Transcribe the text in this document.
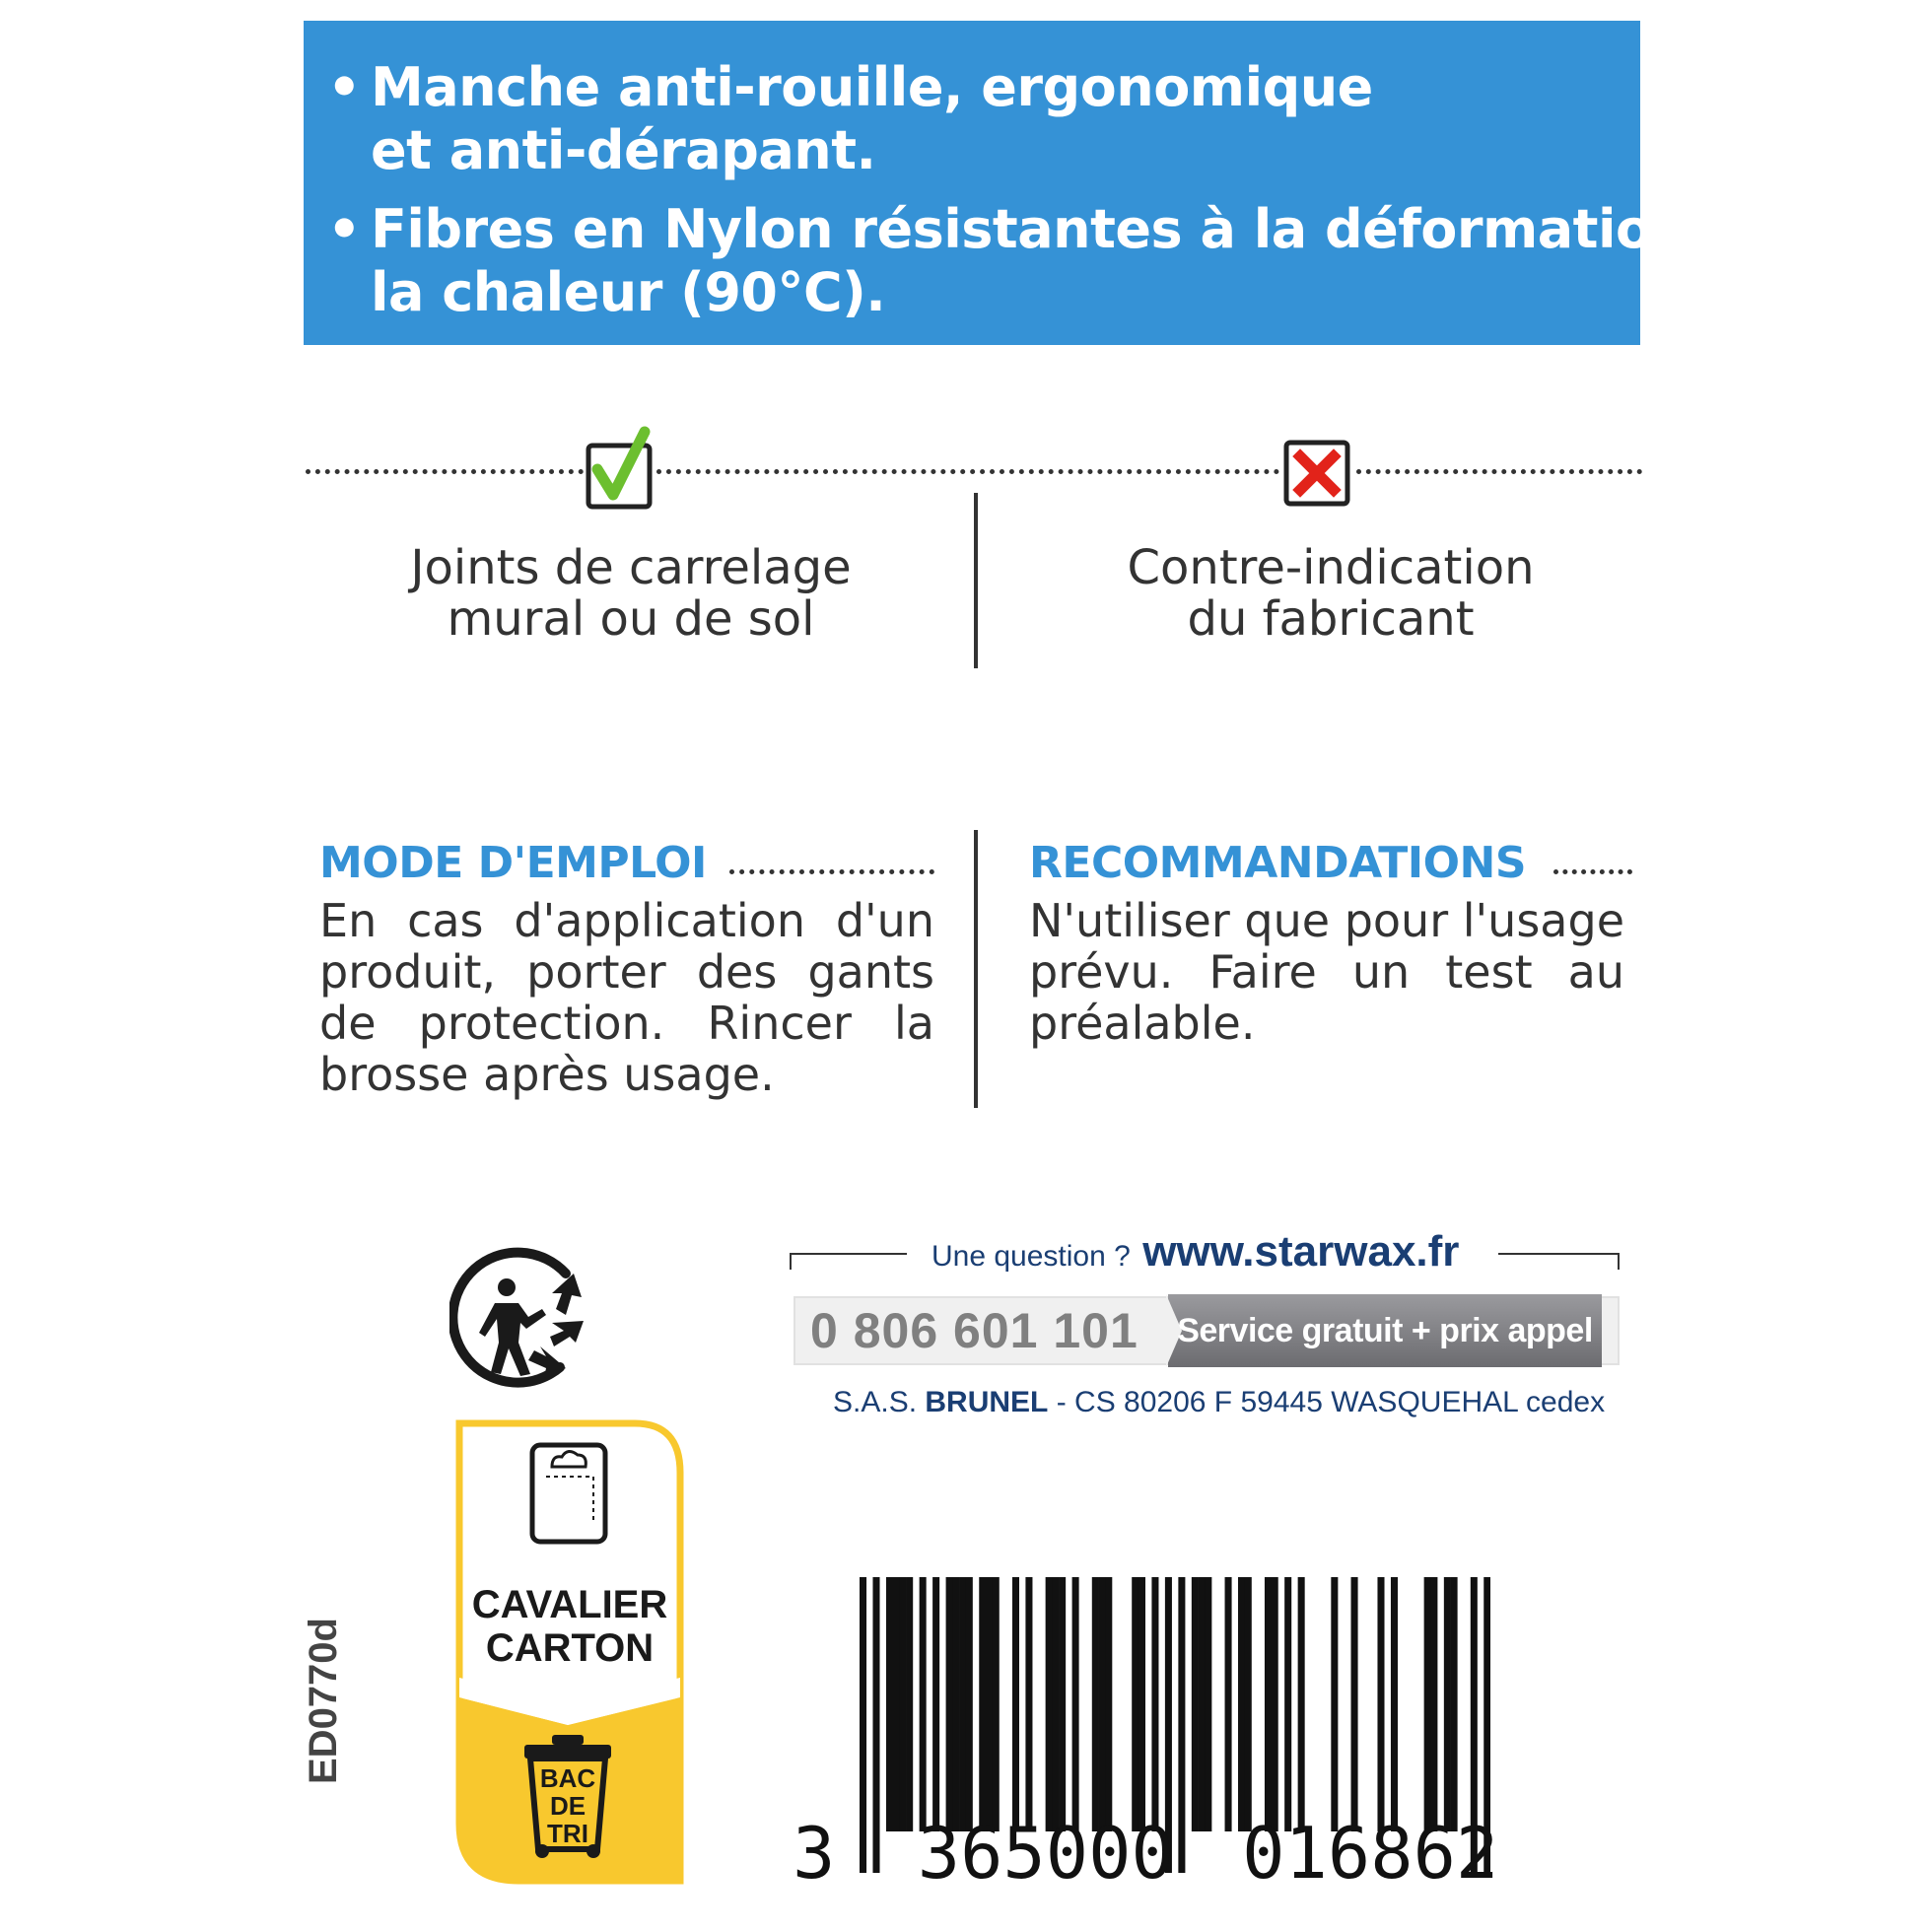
• Manche anti-rouille, ergonomique
et anti-dérapant.
• Fibres en Nylon résistantes à la déformation,
la chaleur (90°C).
Joints de carrelage
mural ou de sol
Contre-indication
du fabricant
MODE D'EMPLOI
En cas d'application d'un
produit, porter des gants
de protection. Rincer la
brosse après usage.
RECOMMANDATIONS
N'utiliser que pour l'usage
prévu. Faire un test au
préalable.
Une question ? www.starwax.fr
0 806 601 101 Service gratuit + prix appel
S.A.S. BRUNEL - CS 80206 F 59445 WASQUEHAL cedex
CAVALIER
CARTON
BAC
DE
TRI
ED0770d
3 365000 016862
